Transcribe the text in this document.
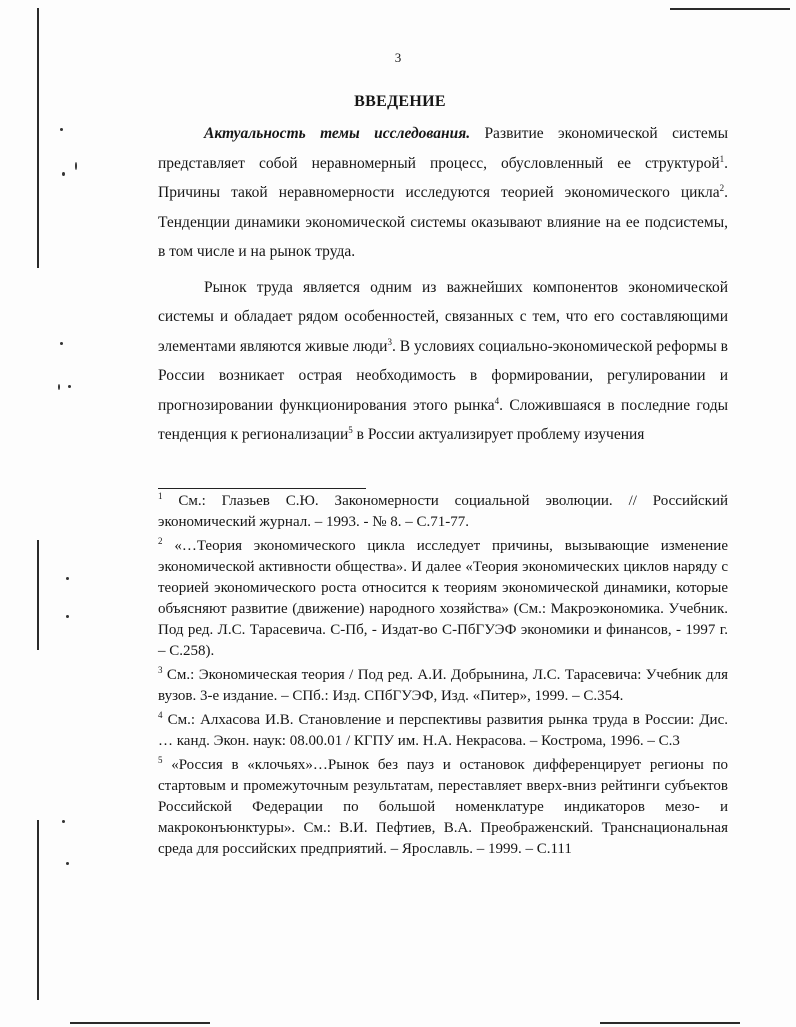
3
ВВЕДЕНИЕ

Актуальность темы исследования. Развитие экономической системы представляет собой неравномерный процесс, обусловленный ее структурой$^1$. Причины такой неравномерности исследуются теорией экономического цикла$^2$. Тенденции динамики экономической системы оказывают влияние на ее подсистемы, в том числе и на рынок труда.

Рынок труда является одним из важнейших компонентов экономической системы и обладает рядом особенностей, связанных с тем, что его составляющими элементами являются живые люди$^3$. В условиях социально-экономической реформы в России возникает острая необходимость в формировании, регулировании и прогнозировании функционирования этого рынка$^4$. Сложившаяся в последние годы тенденция к регионализации$^5$ в России актуализирует проблему изучения

$^1$ См.: Глазьев С.Ю. Закономерности социальной эволюции. // Российский экономический журнал. – 1993. - № 8. – С.71-77.

$^2$ «…Теория экономического цикла исследует причины, вызывающие изменение экономической активности общества». И далее «Теория экономических циклов наряду с теорией экономического роста относится к теориям экономической динамики, которые объясняют развитие (движение) народного хозяйства» (См.: Макроэкономика. Учебник. Под ред. Л.С. Тарасевича. С-Пб, - Издат-во С-ПбГУЭФ экономики и финансов, - 1997 г. – С.258).

$^3$ См.: Экономическая теория / Под ред. А.И. Добрынина, Л.С. Тарасевича: Учебник для вузов. 3-е издание. – СПб.: Изд. СПбГУЭФ, Изд. «Питер», 1999. – С.354.

$^4$ См.: Алхасова И.В. Становление и перспективы развития рынка труда в России: Дис. … канд. Экон. наук: 08.00.01 / КГПУ им. Н.А. Некрасова. – Кострома, 1996. – С.3

$^5$ «Россия в «клочьях»…Рынок без пауз и остановок дифференцирует регионы по стартовым и промежуточным результатам, переставляет вверх-вниз рейтинги субъектов Российской Федерации по большой номенклатуре индикаторов мезо- и макроконъюнктуры». См.: В.И. Пефтиев, В.А. Преображенский. Транснациональная среда для российских предприятий. – Ярославль. – 1999. – С.111
